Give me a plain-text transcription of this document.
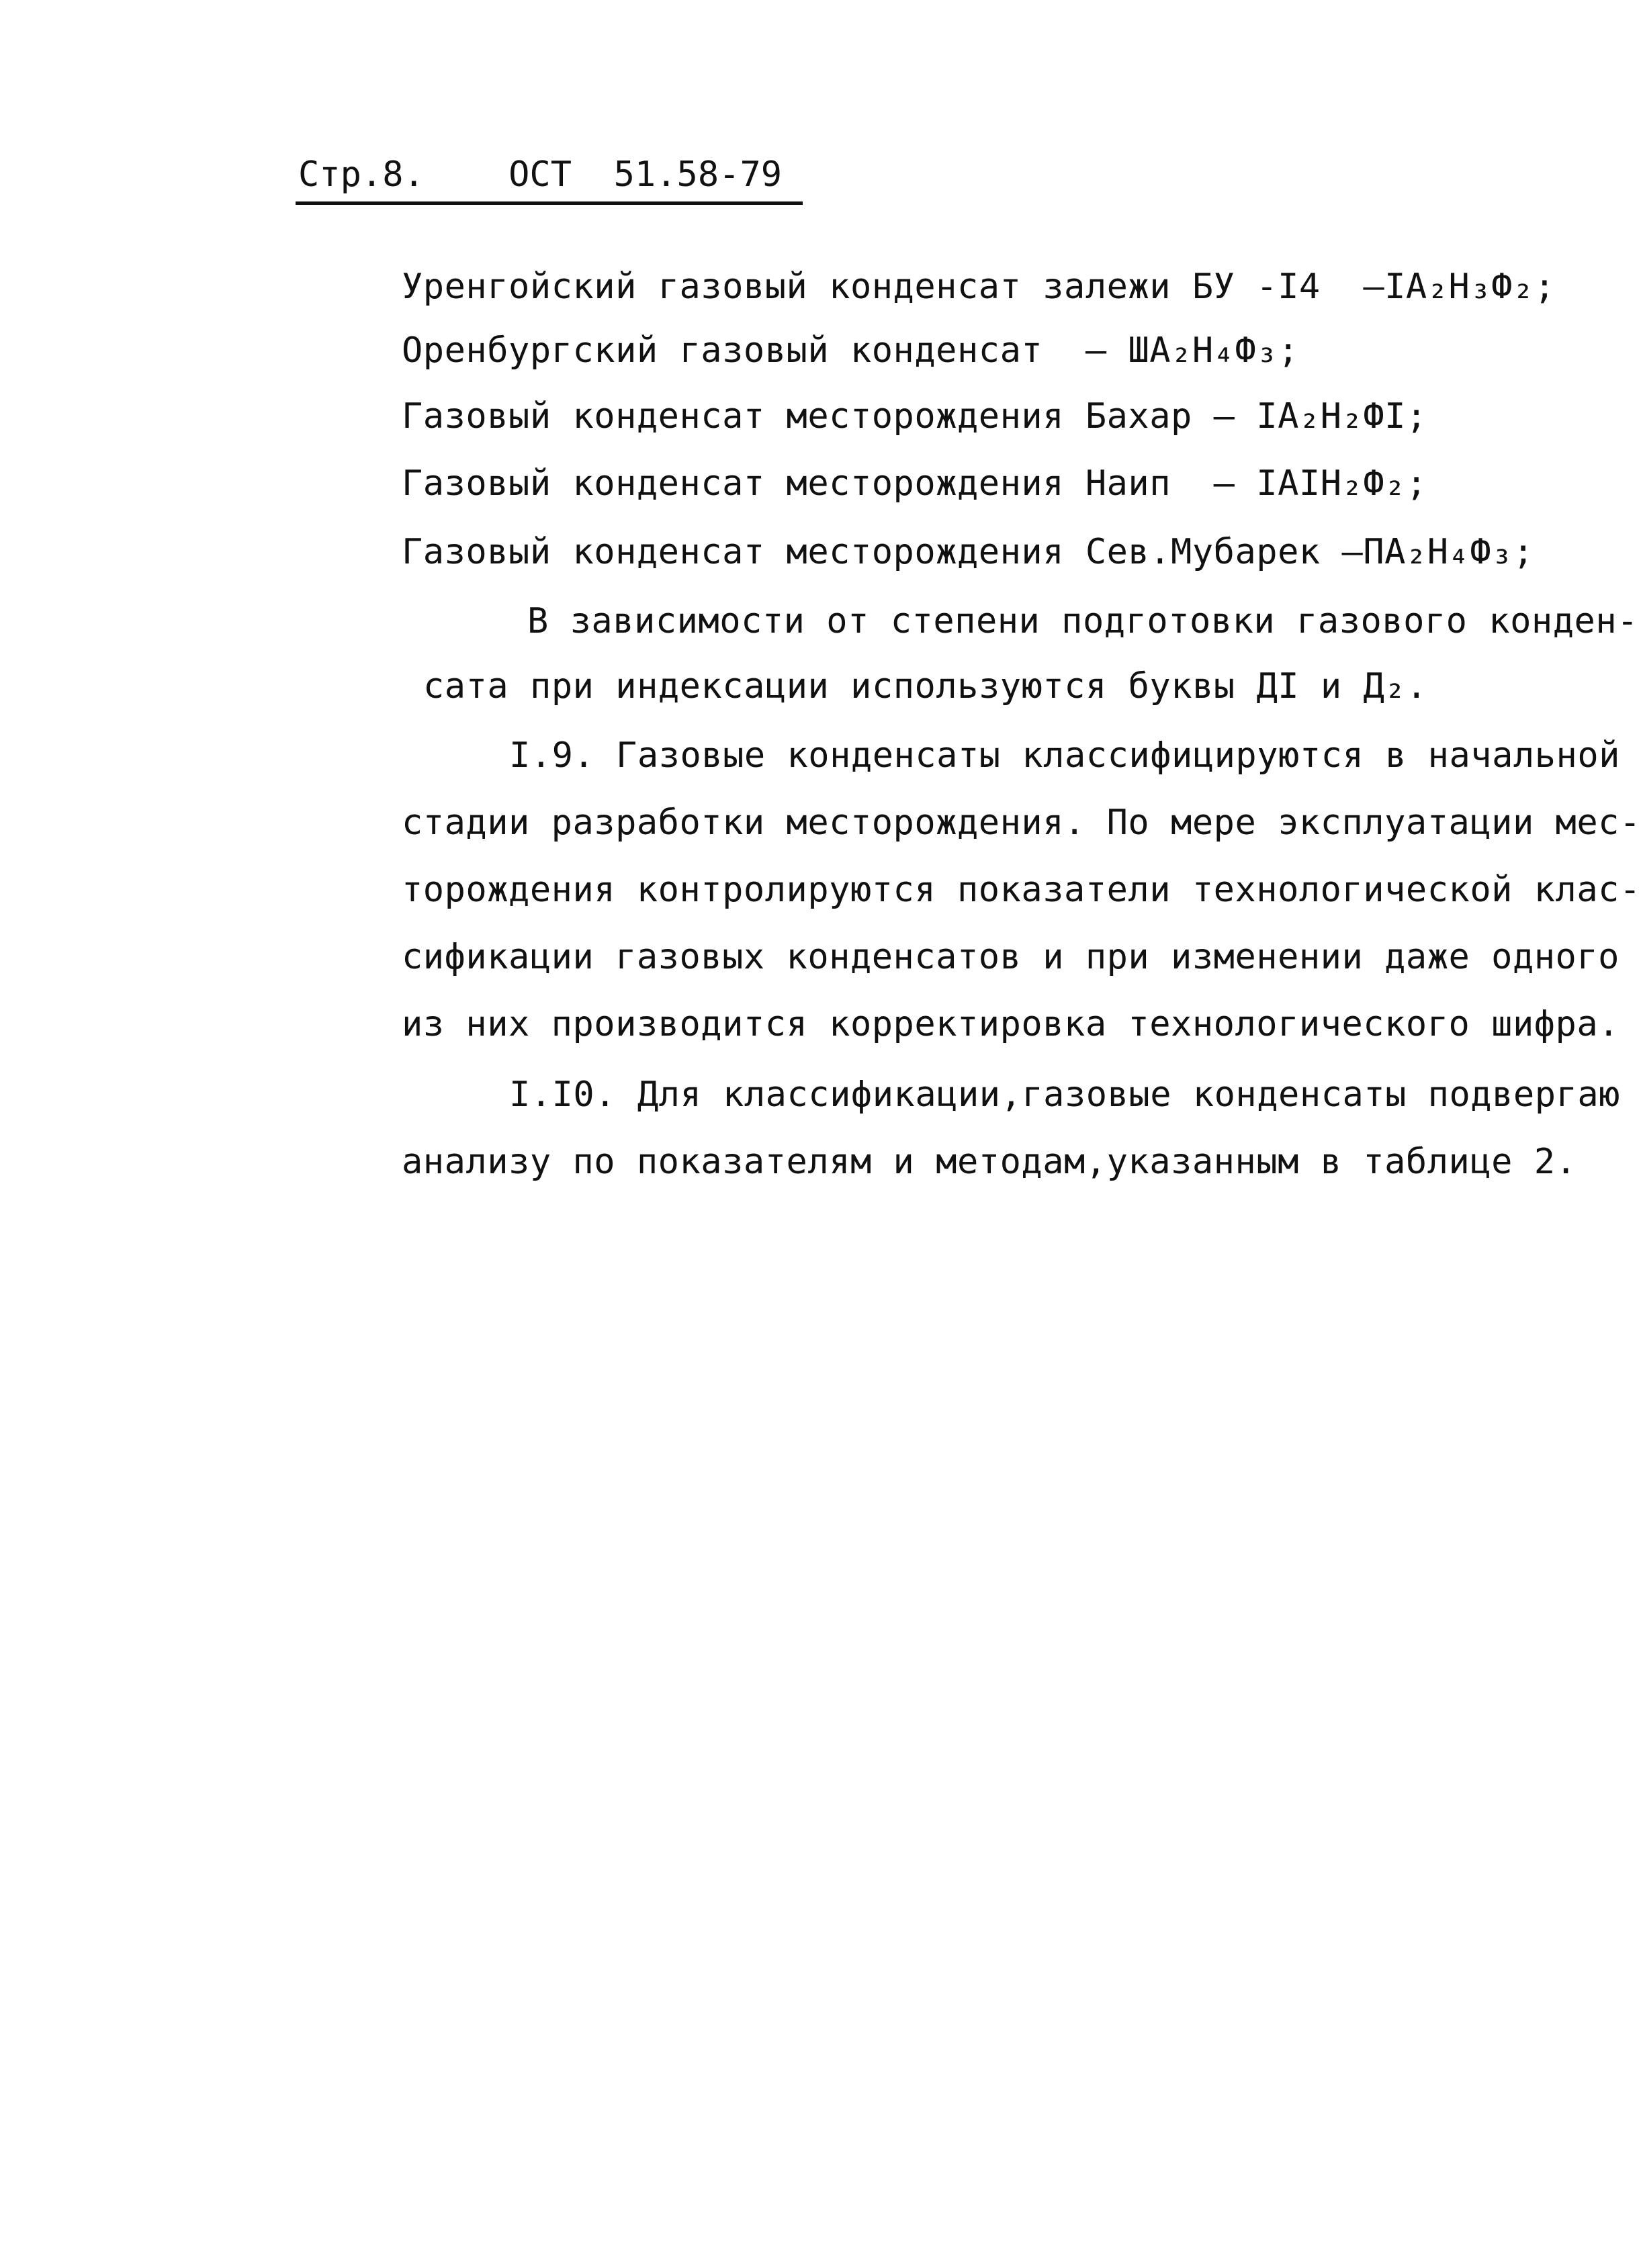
Стр.8. ОСТ  51.58-79
Уренгойский газовый конденсат залежи БУ -I4 –IA₂H₃Ф₂;
Оренбургский газовый конденсат – ШA₂H₄Ф₃;
Газовый конденсат месторождения Бахар – IA₂H₂ФI;
Газовый конденсат месторождения Наип – IAIH₂Ф₂;
Газовый конденсат месторождения Сев.Мубарек –ПA₂H₄Ф₃;
В зависимости от степени подготовки газового конден-
сата при индексации используются буквы ДI и Д₂.
I.9. Газовые конденсаты классифицируются в начальной
стадии разработки месторождения. По мере эксплуатации мес-
торождения контролируются показатели технологической клас-
сификации газовых конденсатов и при изменении даже одного
из них производится корректировка технологического шифра.
I.I0. Для классификации,газовые конденсаты подвергаю
анализу по показателям и методам,указанным в таблице 2.
